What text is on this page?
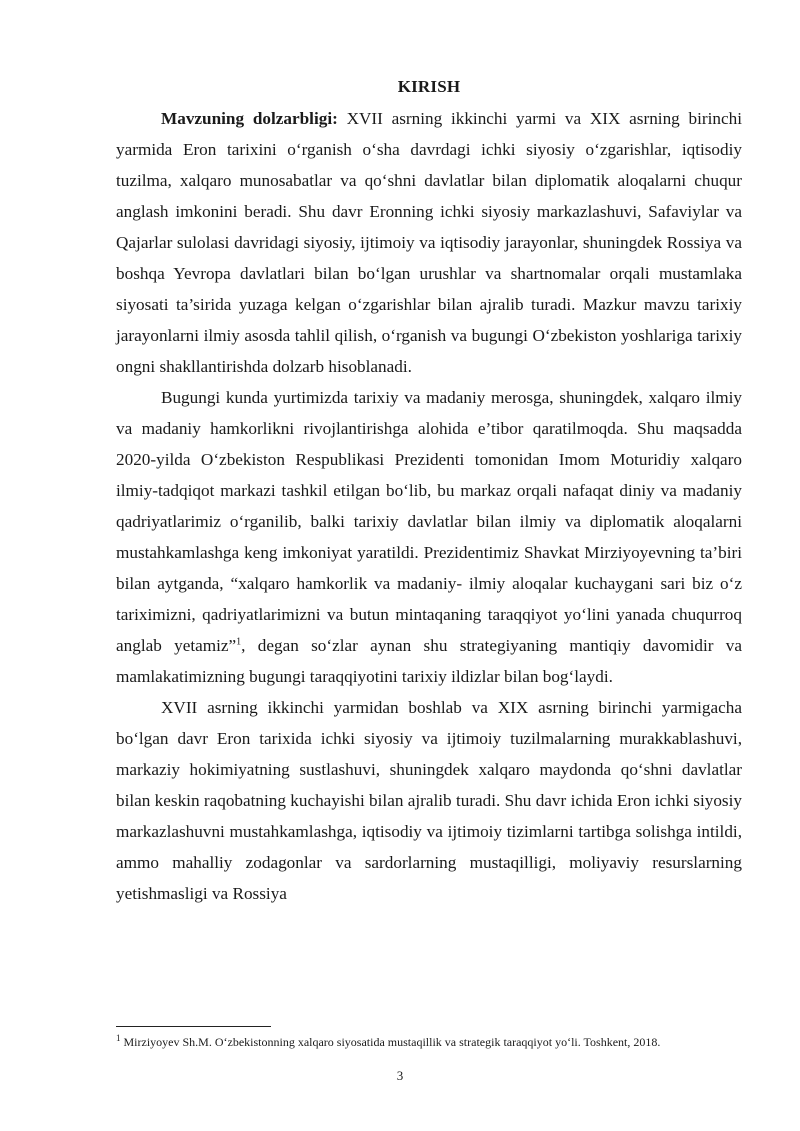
KIRISH

Mavzuning dolzarbligi: XVII asrning ikkinchi yarmi va XIX asrning birinchi yarmida Eron tarixini o‘rganish o‘sha davrdagi ichki siyosiy o‘zgarishlar, iqtisodiy tuzilma, xalqaro munosabatlar va qo‘shni davlatlar bilan diplomatik aloqalarni chuqur anglash imkonini beradi. Shu davr Eronning ichki siyosiy markazlashuvi, Safaviylar va Qajarlar sulolasi davridagi siyosiy, ijtimoiy va iqtisodiy jarayonlar, shuningdek Rossiya va boshqa Yevropa davlatlari bilan bo‘lgan urushlar va shartnomalar orqali mustamlaka siyosati ta’sirida yuzaga kelgan o‘zgarishlar bilan ajralib turadi. Mazkur mavzu tarixiy jarayonlarni ilmiy asosda tahlil qilish, o‘rganish va bugungi O‘zbekiston yoshlariga tarixiy ongni shakllantirishda dolzarb hisoblanadi.

Bugungi kunda yurtimizda tarixiy va madaniy merosga, shuningdek, xalqaro ilmiy va madaniy hamkorlikni rivojlantirishga alohida e’tibor qaratilmoqda. Shu maqsadda 2020-yilda O‘zbekiston Respublikasi Prezidenti tomonidan Imom Moturidiy xalqaro ilmiy-tadqiqot markazi tashkil etilgan bo‘lib, bu markaz orqali nafaqat diniy va madaniy qadriyatlarimiz o‘rganilib, balki tarixiy davlatlar bilan ilmiy va diplomatik aloqalarni mustahkamlashga keng imkoniyat yaratildi. Prezidentimiz Shavkat Mirziyoyevning ta’biri bilan aytganda, “xalqaro hamkorlik va madaniy- ilmiy aloqalar kuchaygani sari biz o‘z tariximizni, qadriyatlarimizni va butun mintaqaning taraqqiyot yo‘lini yanada chuqurroq anglab yetamiz”$^1$, degan so‘zlar aynan shu strategiyaning mantiqiy davomidir va mamlakatimizning bugungi taraqqiyotini tarixiy ildizlar bilan bog‘laydi.

XVII asrning ikkinchi yarmidan boshlab va XIX asrning birinchi yarmigacha bo‘lgan davr Eron tarixida ichki siyosiy va ijtimoiy tuzilmalarning murakkablashuvi, markaziy hokimiyatning sustlashuvi, shuningdek xalqaro maydonda qo‘shni davlatlar bilan keskin raqobatning kuchayishi bilan ajralib turadi. Shu davr ichida Eron ichki siyosiy markazlashuvni mustahkamlashga, iqtisodiy va ijtimoiy tizimlarni tartibga solishga intildi, ammo mahalliy zodagonlar va sardorlarning mustaqilligi, moliyaviy resurslarning yetishmasligi va Rossiya

$^1$ Mirziyoyev Sh.M. O‘zbekistonning xalqaro siyosatida mustaqillik va strategik taraqqiyot yo‘li. Toshkent, 2018.
3
